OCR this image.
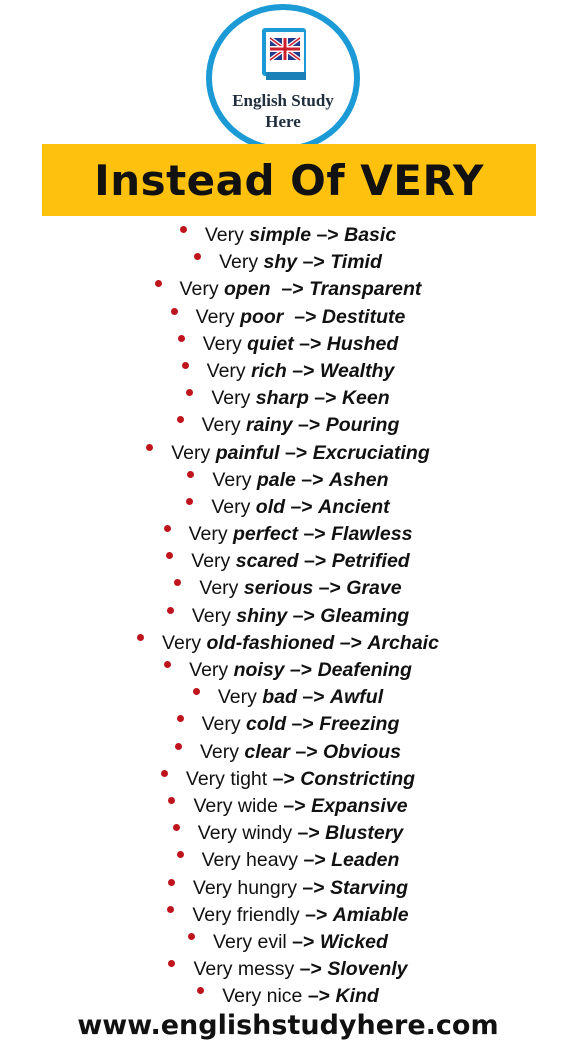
English Study
Here
Instead Of VERY
Very simple –> Basic
Very shy –> Timid
Very open  –> Transparent
Very poor  –> Destitute
Very quiet –> Hushed
Very rich –> Wealthy
Very sharp –> Keen
Very rainy –> Pouring
Very painful –> Excruciating
Very pale –> Ashen
Very old –> Ancient
Very perfect –> Flawless
Very scared –> Petrified
Very serious –> Grave
Very shiny –> Gleaming
Very old-fashioned –> Archaic
Very noisy –> Deafening
Very bad –> Awful
Very cold –> Freezing
Very clear –> Obvious
Very tight –> Constricting
Very wide –> Expansive
Very windy –> Blustery
Very heavy –> Leaden
Very hungry –> Starving
Very friendly –> Amiable
Very evil –> Wicked
Very messy –> Slovenly
Very nice –> Kind
www.englishstudyhere.com
